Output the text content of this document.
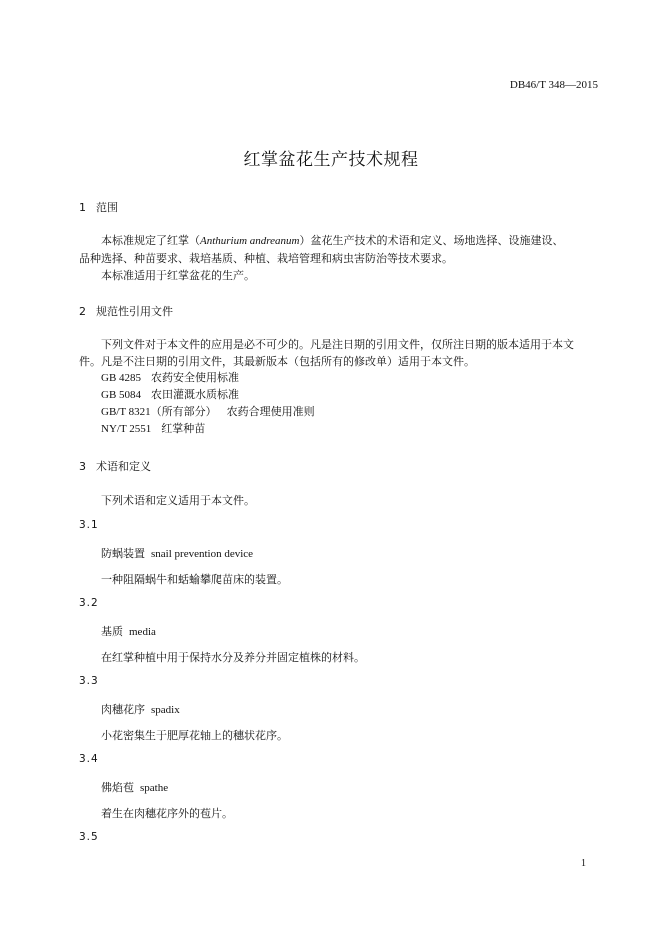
DB46/T 348—2015
红掌盆花生产技术规程
1 范围
本标准规定了红掌（Anthurium andreanum）盆花生产技术的术语和定义、场地选择、设施建设、
品种选择、种苗要求、栽培基质、种植、栽培管理和病虫害防治等技术要求。
本标准适用于红掌盆花的生产。
2 规范性引用文件
下列文件对于本文件的应用是必不可少的。凡是注日期的引用文件，仅所注日期的版本适用于本文
件。凡是不注日期的引用文件，其最新版本（包括所有的修改单）适用于本文件。
GB 4285 农药安全使用标准
GB 5084 农田灌溉水质标准
GB/T 8321（所有部分） 农药合理使用准则
NY/T 2551 红掌种苗
3 术语和定义
下列术语和定义适用于本文件。
3.1
防蜗装置 snail prevention device
一种阻隔蜗牛和蛞蝓攀爬苗床的装置。
3.2
基质 media
在红掌种植中用于保持水分及养分并固定植株的材料。
3.3
肉穗花序 spadix
小花密集生于肥厚花轴上的穗状花序。
3.4
佛焰苞 spathe
着生在肉穗花序外的苞片。
3.5
1
